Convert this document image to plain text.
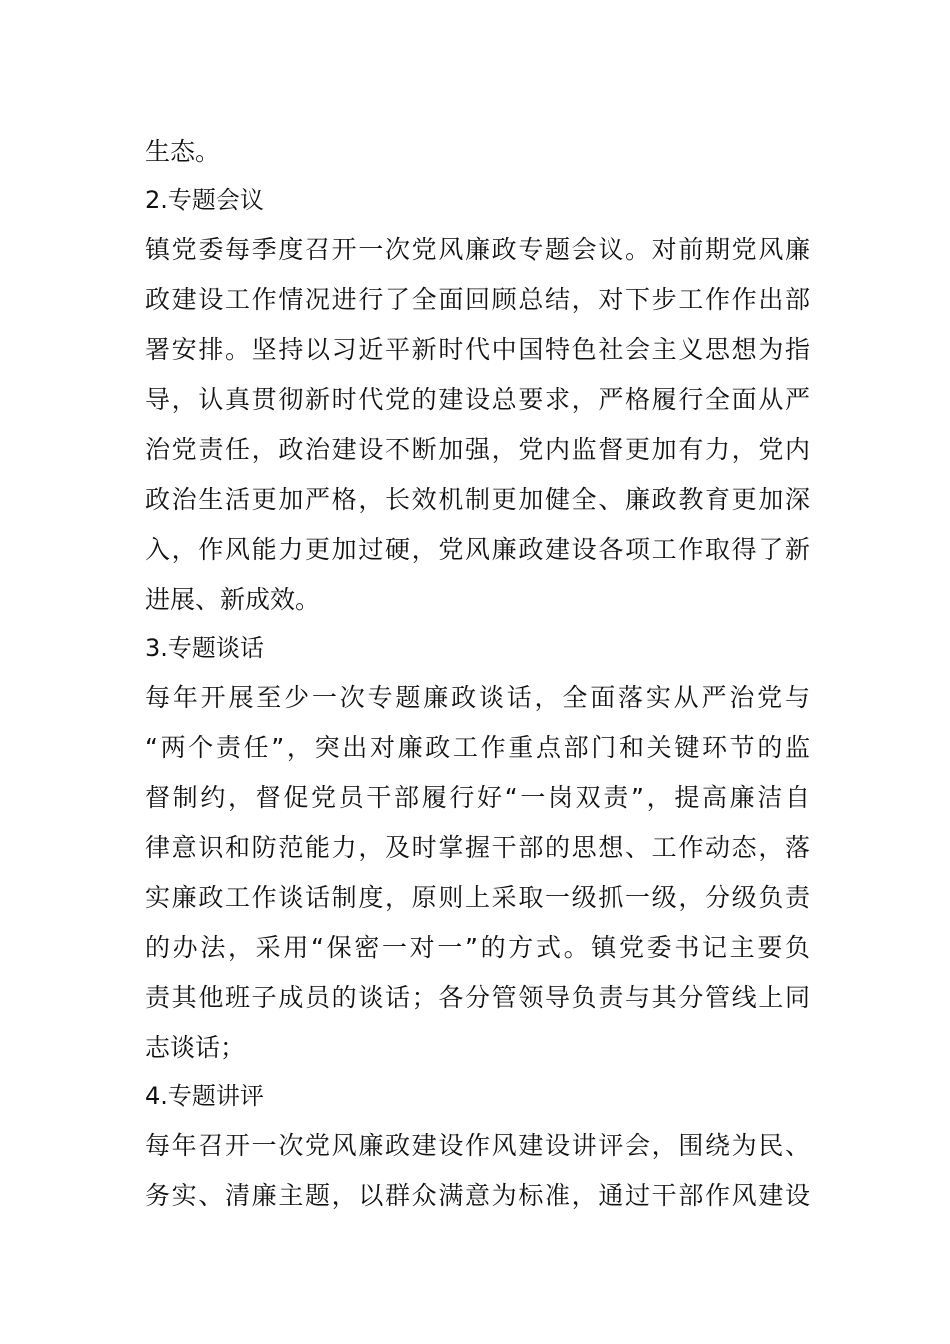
生态。

2.专题会议

镇党委每季度召开一次党风廉政专题会议。对前期党风廉

政建设工作情况进行了全面回顾总结，对下步工作作出部

署安排。坚持以习近平新时代中国特色社会主义思想为指

导，认真贯彻新时代党的建设总要求，严格履行全面从严

治党责任，政治建设不断加强，党内监督更加有力，党内

政治生活更加严格，长效机制更加健全、廉政教育更加深

入，作风能力更加过硬，党风廉政建设各项工作取得了新

进展、新成效。

3.专题谈话

每年开展至少一次专题廉政谈话，全面落实从严治党与

“两个责任”，突出对廉政工作重点部门和关键环节的监

督制约，督促党员干部履行好“一岗双责”，提高廉洁自

律意识和防范能力，及时掌握干部的思想、工作动态，落

实廉政工作谈话制度，原则上采取一级抓一级，分级负责

的办法，采用“保密一对一”的方式。镇党委书记主要负

责其他班子成员的谈话；各分管领导负责与其分管线上同

志谈话；

4.专题讲评

每年召开一次党风廉政建设作风建设讲评会，围绕为民、

务实、清廉主题，以群众满意为标准，通过干部作风建设
